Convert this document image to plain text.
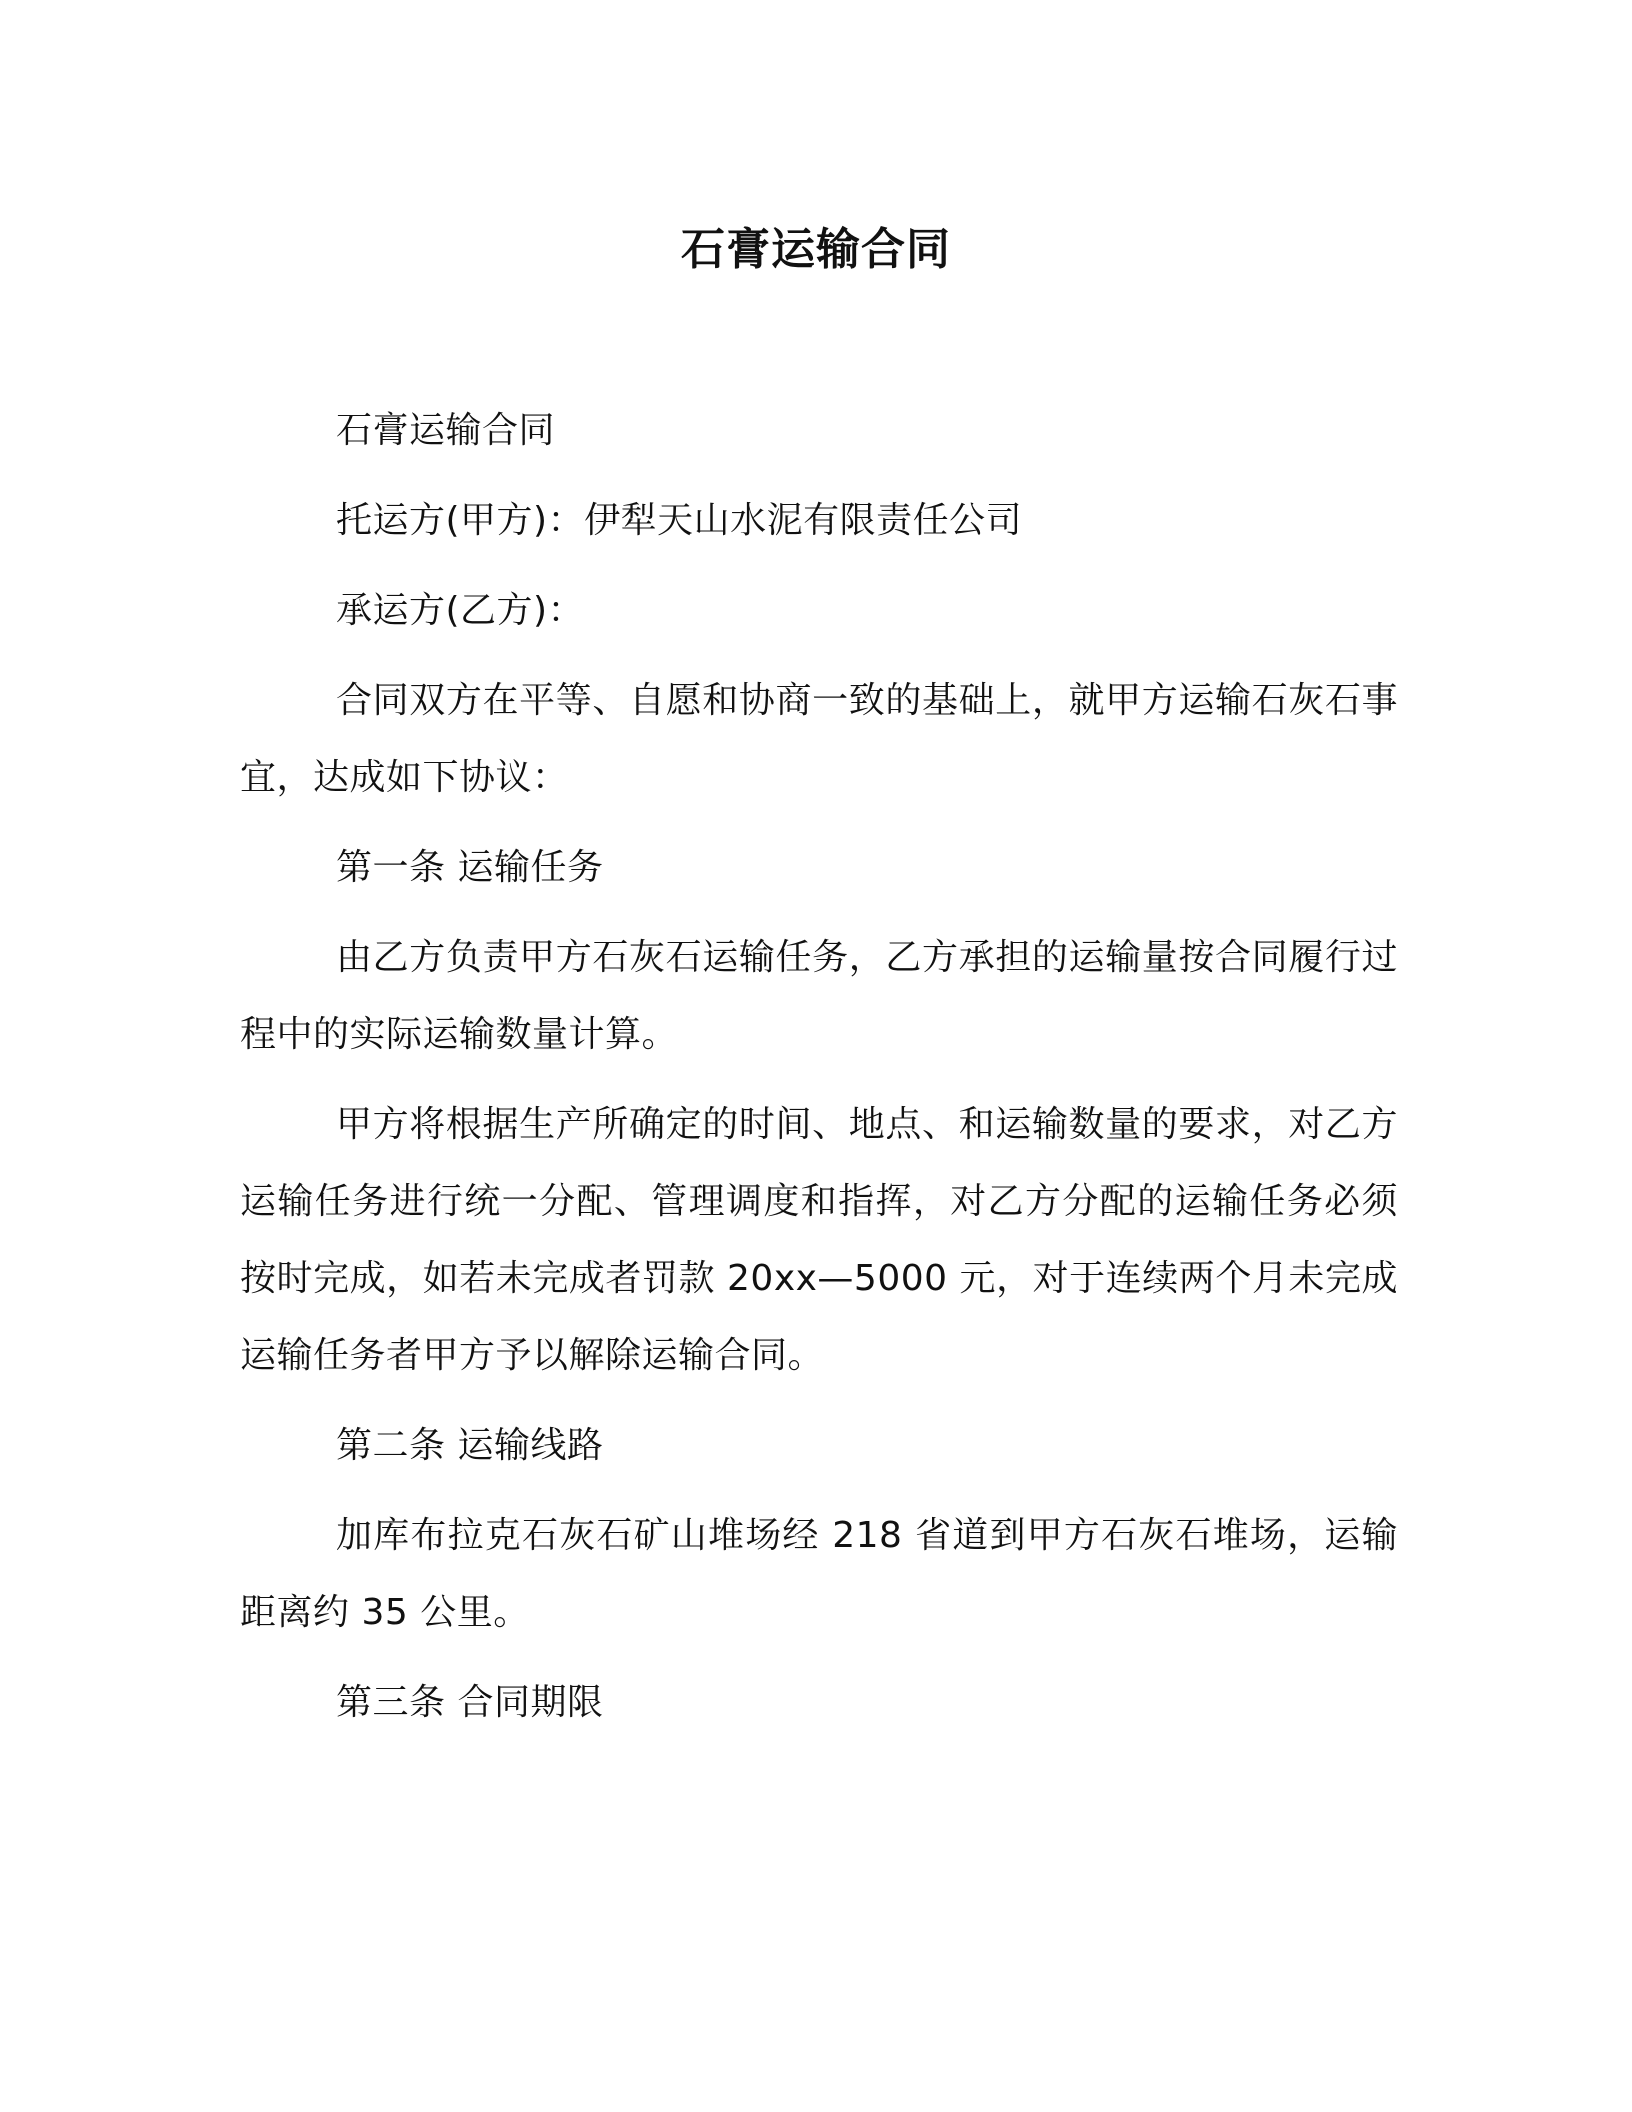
石膏运输合同

石膏运输合同

托运方(甲方)：伊犁天山水泥有限责任公司

承运方(乙方)：

合同双方在平等、自愿和协商一致的基础上，就甲方运输石灰石事宜，达成如下协议：

第一条 运输任务

由乙方负责甲方石灰石运输任务，乙方承担的运输量按合同履行过程中的实际运输数量计算。

甲方将根据生产所确定的时间、地点、和运输数量的要求，对乙方运输任务进行统一分配、管理调度和指挥，对乙方分配的运输任务必须按时完成，如若未完成者罚款 20xx—5000 元，对于连续两个月未完成运输任务者甲方予以解除运输合同。

第二条 运输线路

加库布拉克石灰石矿山堆场经 218 省道到甲方石灰石堆场，运输距离约 35 公里。

第三条 合同期限
